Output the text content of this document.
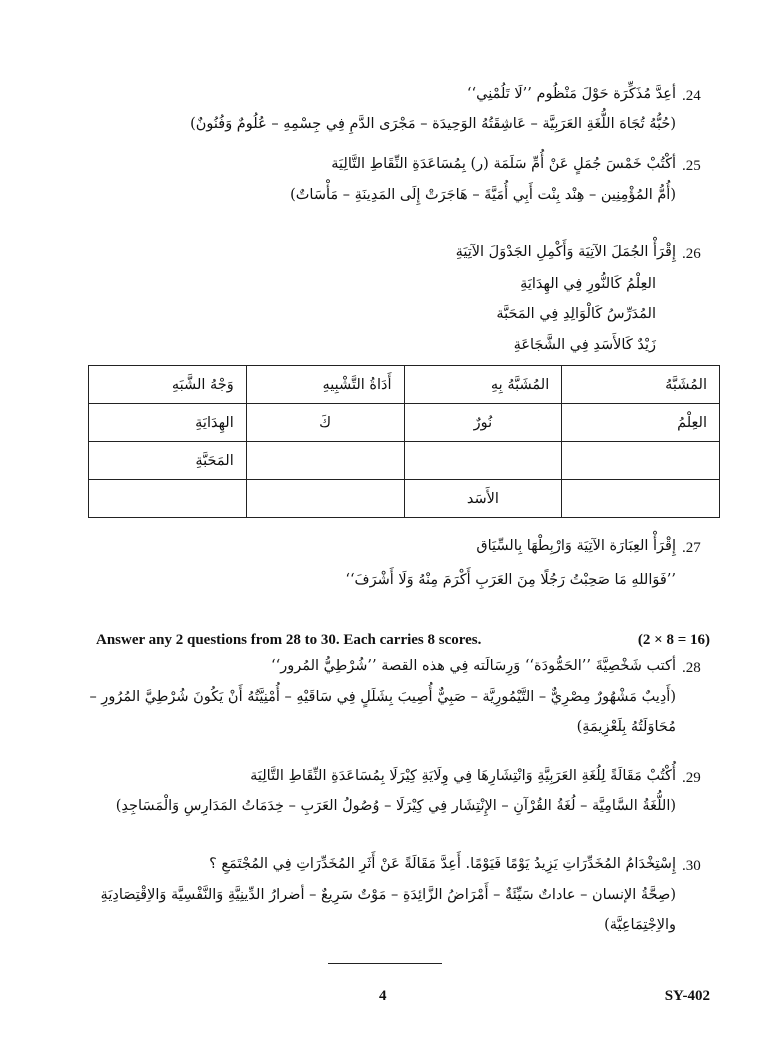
.24
أعِدَّ مُذَكِّرَة حَوْلَ مَنْظُوم ’’لَا تَلُمْنِي‘‘
(حُبُّهُ تُجَاهَ اللُّغَةِ العَرَبِيَّة – عَاشِقَتُهُ الوَحِيدَة – مَجْرَى الدَّمِ فِي جِسْمِهِ – عُلُومٌ وَفُنُونٌ)
.25
أكْتُبْ خَمْسَ جُمَلٍ عَنْ أُمِّ سَلَمَة (ر) بِمُسَاعَدَةِ النِّقَاطِ التَّالِيَة
(أُمُّ المُؤْمِنِين – هِنْد بِنْت أَبِي أُمَيَّةَ – هَاجَرَتْ إِلَى المَدِينَةِ – مَأْسَاتٌ)
.26
إِقْرَأْ الجُمَلَ الآتِيَة وَأَكْمِلِ الجَدْوَلَ الآتِيَةِ
العِلْمُ كَالنُّورِ فِي الهِدَايَةِ
المُدَرِّسُ كَالْوَالِدِ فِي المَحَبَّة
زَيْدٌ كَالأَسَدِ فِي الشَّجَاعَةِ
المُشَبَّهُ	المُشَبَّهُ بِهِ	أَدَاةُ التَّشْبِيهِ	وَجْهُ الشَّبَهِ
العِلْمُ	نُورٌ	كَ	الهِدَايَةِ
			المَحَبَّةِ
	الأَسَد		
.27
إِقْرَأْ العِبَارَة الآتِيَة وَارْبِطْهَا بِالسِّيَاق
’’فَوَاللهِ مَا صَحِبْتُ رَجُلًا مِنَ العَرَبِ أَكْرَمَ مِنْهُ وَلَا أَشْرَفَ‘‘
Answer any 2 questions from 28 to 30. Each carries 8 scores.	(2 × 8 = 16)
.28
أكتب شَخْصِيَّةَ ’’الحَمُّودَة‘‘ وَرِسَالَته فِي هذه القصة ’’شُرْطِيُّ المُرور‘‘
(أَدِيبٌ مَشْهُورٌ مِصْرِيٌّ – التَّيْمُورِيَّة – صَبِيٌّ أُصِيبَ بِشَلَلٍ فِي سَاقَيْهِ – أُمْنِيَّتُهُ أَنْ يَكُونَ شُرْطِيَّ المُرُورِ – مُحَاوَلَتُهُ بِلَعْزِيمَةِ)
.29
أُكْتُبْ مَقَالَةً لِلُغَةِ العَرَبِيَّةِ وَانْتِشَارِهَا فِي وِلَايَةِ كِيْرَلَا بِمُسَاعَدَةِ النِّقَاطِ التَّالِيَة
(اللُّغَةُ السَّامِيَّة – لُغَةُ القُرْآنِ – الإِنْتِشَار فِي كِيْرَلَا – وُصُولُ العَرَبِ – خِدَمَاتُ المَدَارِسِ وَالْمَسَاجِدِ)
.30
إِسْتِخْدَامُ المُخَدِّرَاتِ يَزِيدُ يَوْمًا فَيَوْمًا. أَعِدَّ مَقَالَةً عَنْ أَثَرِ المُخَدِّرَاتِ فِي المُجْتَمَعِ ؟
(صِحَّةُ الإنسان – عاداتٌ سَيِّئَةٌ – أَمْرَاضُ الزَّائِدَةِ – مَوْتٌ سَرِيعٌ – أضرارُ الدِّينِيَّةِ وَالنَّفْسِيَّة وَالاِقْتِصَادِيَةِ والاِجْتِمَاعِيَّة)
4	SY-402
